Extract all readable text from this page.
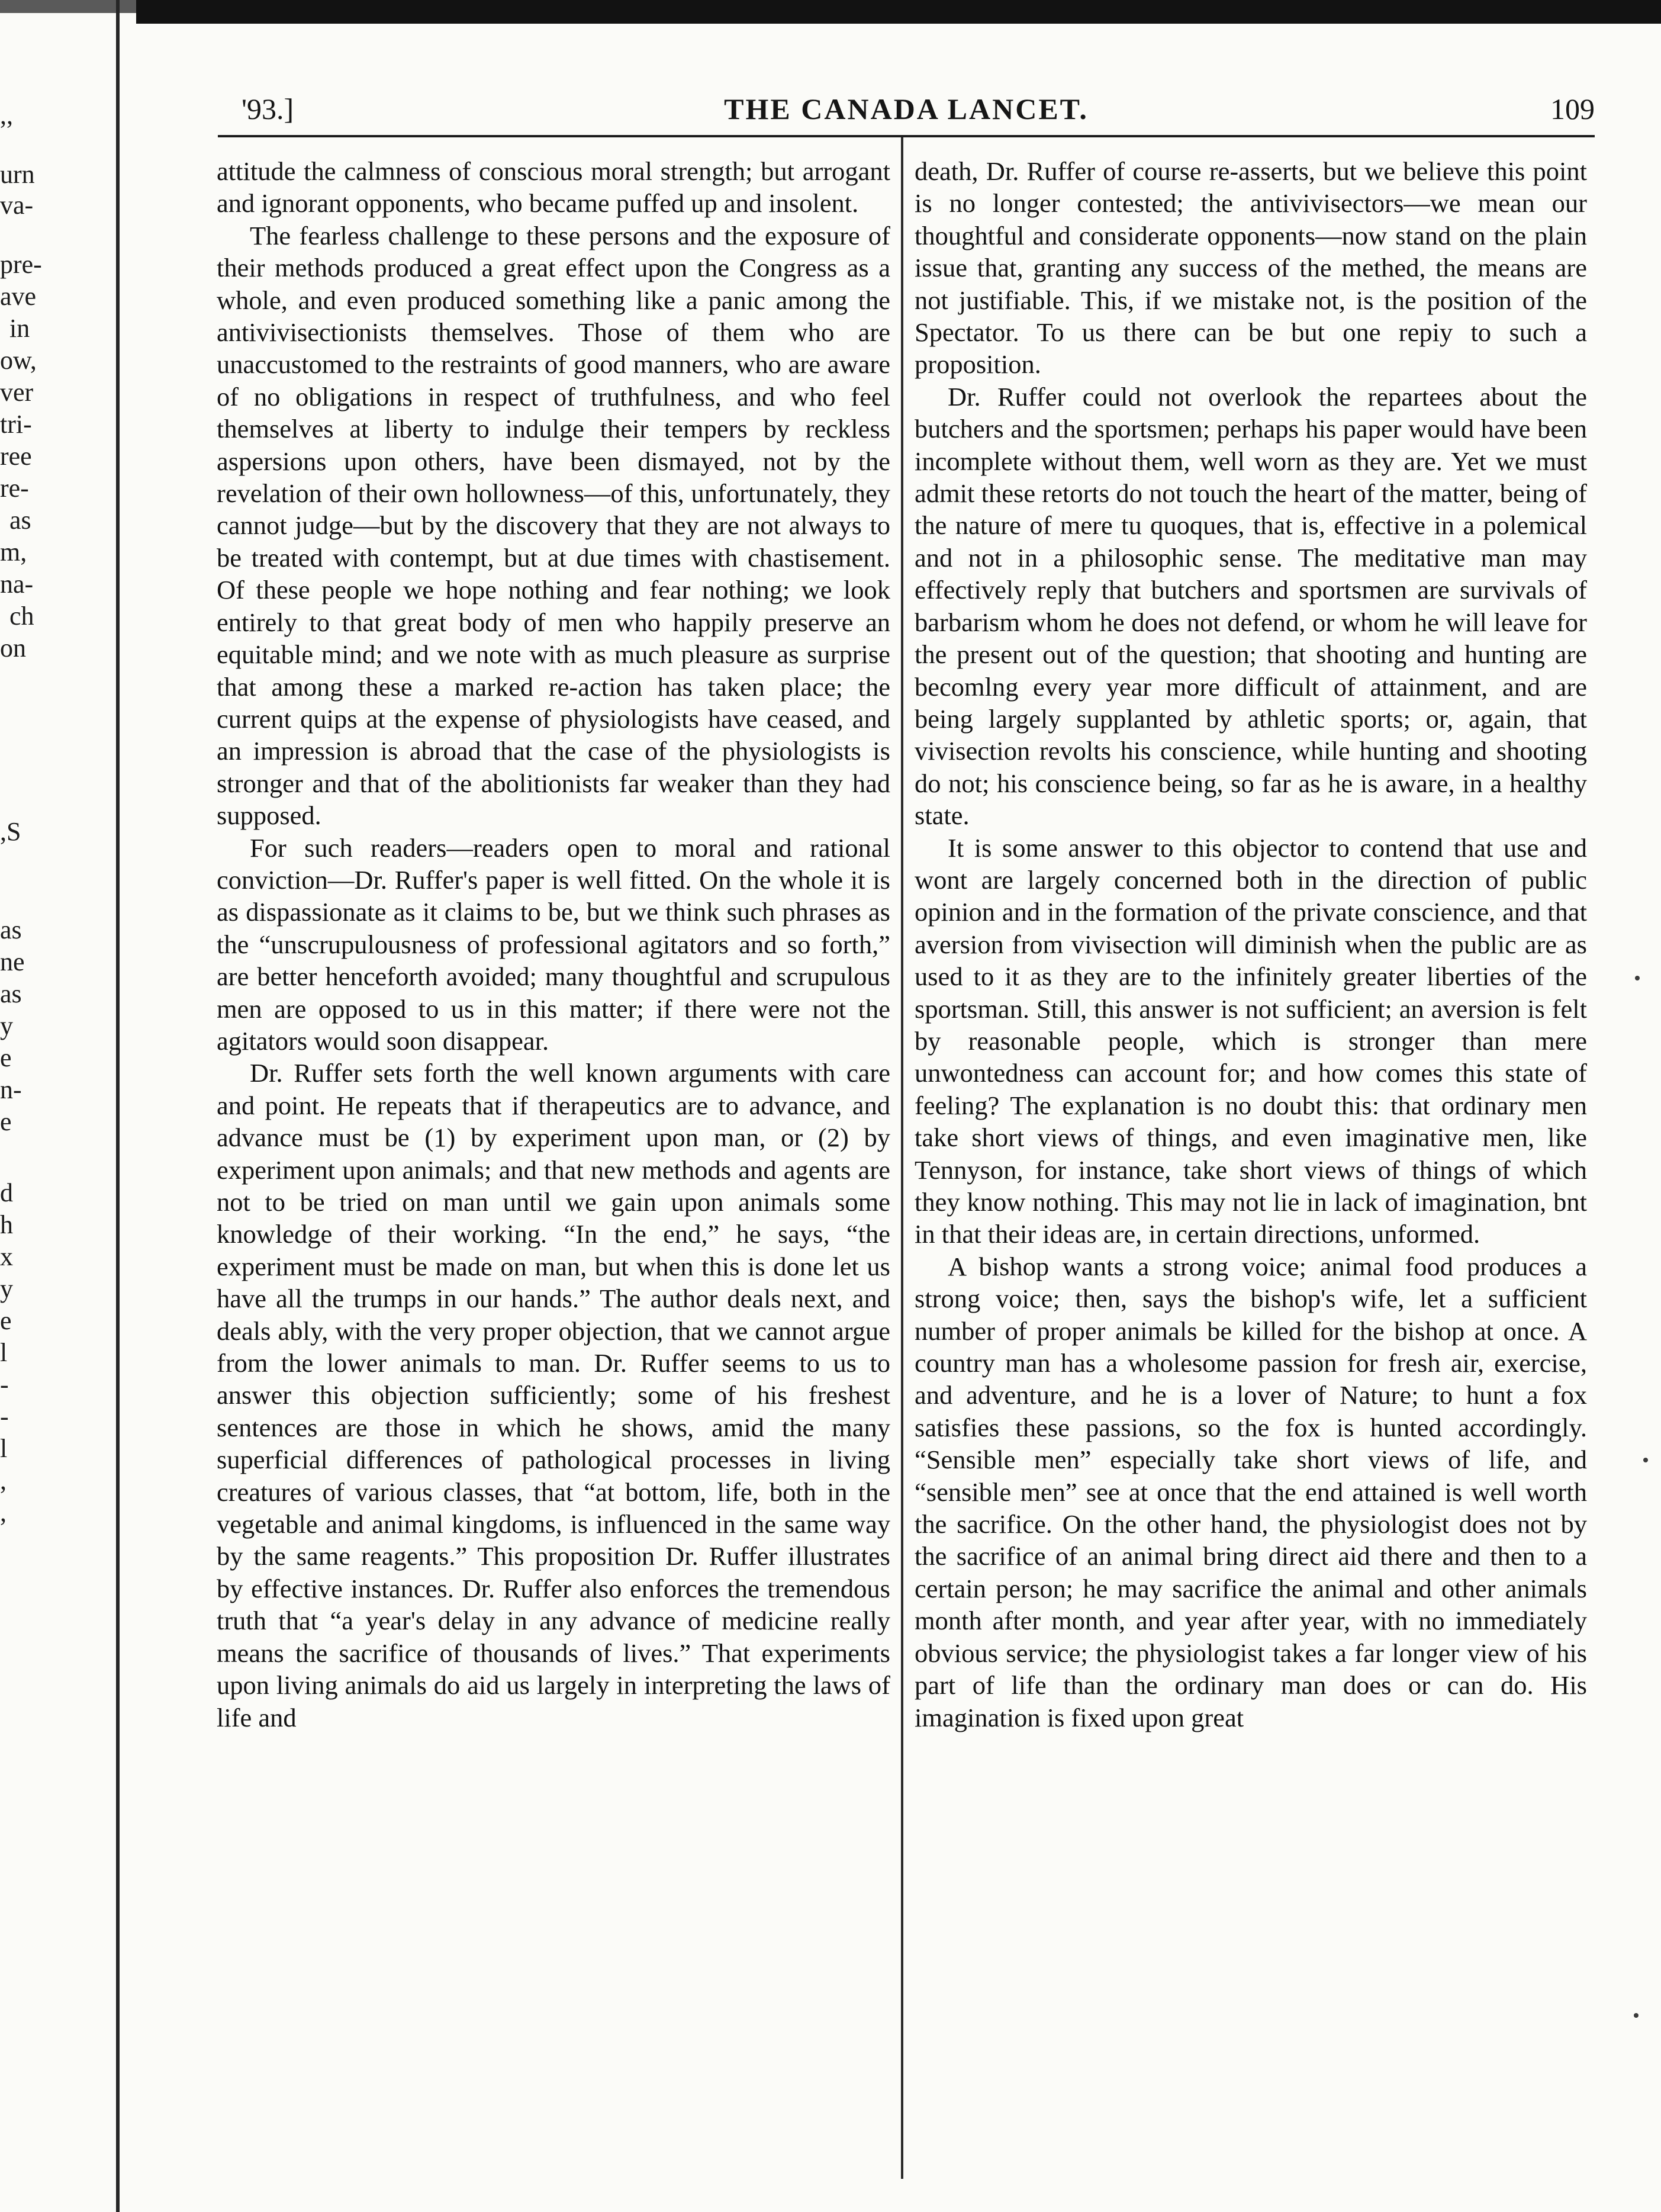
,,

urn

va-

pre-

ave

in

ow,

ver

tri-

ree

re-

as

m,

na-

ch

on

,S

as

ne

as

y

e

n-

e

d

h

x

y

e

l

-

-

l

,

,

THE CANADA LANCET.

'93.]	109

attitude the calmness of conscious moral strength; but arrogant and ignorant opponents, who became puffed up and insolent.

The fearless challenge to these persons and the exposure of their methods produced a great effect upon the Congress as a whole, and even produced something like a panic among the antivivisectionists themselves. Those of them who are unaccustomed to the restraints of good manners, who are aware of no obligations in respect of truthfulness, and who feel themselves at liberty to indulge their tempers by reckless aspersions upon others, have been dismayed, not by the revelation of their own hollowness—of this, unfortunately, they cannot judge—but by the discovery that they are not always to be treated with contempt, but at due times with chastisement. Of these people we hope nothing and fear nothing; we look entirely to that great body of men who happily preserve an equitable mind; and we note with as much pleasure as surprise that among these a marked re-action has taken place; the current quips at the expense of physiologists have ceased, and an impression is abroad that the case of the physiologists is stronger and that of the abolitionists far weaker than they had supposed.

For such readers—readers open to moral and rational conviction—Dr. Ruffer's paper is well fitted. On the whole it is as dispassionate as it claims to be, but we think such phrases as the “unscrupulousness of professional agitators and so forth,” are better henceforth avoided; many thoughtful and scrupulous men are opposed to us in this matter; if there were not the agitators would soon disappear.

Dr. Ruffer sets forth the well known arguments with care and point. He repeats that if therapeutics are to advance, and advance must be (1) by experiment upon man, or (2) by experiment upon animals; and that new methods and agents are not to be tried on man until we gain upon animals some knowledge of their working. “In the end,” he says, “the experiment must be made on man, but when this is done let us have all the trumps in our hands.” The author deals next, and deals ably, with the very proper objection, that we cannot argue from the lower animals to man. Dr. Ruffer seems to us to answer this objection sufficiently; some of his freshest sentences are those in which he shows, amid the many superficial differences of pathological processes in living creatures of various classes, that “at bottom, life, both in the vegetable and animal kingdoms, is influenced in the same way by the same reagents.” This proposition Dr. Ruffer illustrates by effective instances. Dr. Ruffer also enforces the tremendous truth that “a year's delay in any advance of medicine really means the sacrifice of thousands of lives.” That experiments upon living animals do aid us largely in interpreting the laws of life and

death, Dr. Ruffer of course re-asserts, but we believe this point is no longer contested; the antivivisectors—we mean our thoughtful and considerate opponents—now stand on the plain issue that, granting any success of the methed, the means are not justifiable. This, if we mistake not, is the position of the Spectator. To us there can be but one repiy to such a proposition.

Dr. Ruffer could not overlook the repartees about the butchers and the sportsmen; perhaps his paper would have been incomplete without them, well worn as they are. Yet we must admit these retorts do not touch the heart of the matter, being of the nature of mere tu quoques, that is, effective in a polemical and not in a philosophic sense. The meditative man may effectively reply that butchers and sportsmen are survivals of barbarism whom he does not defend, or whom he will leave for the present out of the question; that shooting and hunting are becomlng every year more difficult of attainment, and are being largely supplanted by athletic sports; or, again, that vivisection revolts his conscience, while hunting and shooting do not; his conscience being, so far as he is aware, in a healthy state.

It is some answer to this objector to contend that use and wont are largely concerned both in the direction of public opinion and in the formation of the private conscience, and that aversion from vivisection will diminish when the public are as used to it as they are to the infinitely greater liberties of the sportsman. Still, this answer is not sufficient; an aversion is felt by reasonable people, which is stronger than mere unwontedness can account for; and how comes this state of feeling? The explanation is no doubt this: that ordinary men take short views of things, and even imaginative men, like Tennyson, for instance, take short views of things of which they know nothing. This may not lie in lack of imagination, bnt in that their ideas are, in certain directions, unformed.

A bishop wants a strong voice; animal food produces a strong voice; then, says the bishop's wife, let a sufficient number of proper animals be killed for the bishop at once. A country man has a wholesome passion for fresh air, exercise, and adventure, and he is a lover of Nature; to hunt a fox satisfies these passions, so the fox is hunted accordingly. “Sensible men” especially take short views of life, and “sensible men” see at once that the end attained is well worth the sacrifice. On the other hand, the physiologist does not by the sacrifice of an animal bring direct aid there and then to a certain person; he may sacrifice the animal and other animals month after month, and year after year, with no immediately obvious service; the physiologist takes a far longer view of his part of life than the ordinary man does or can do. His imagination is fixed upon great
